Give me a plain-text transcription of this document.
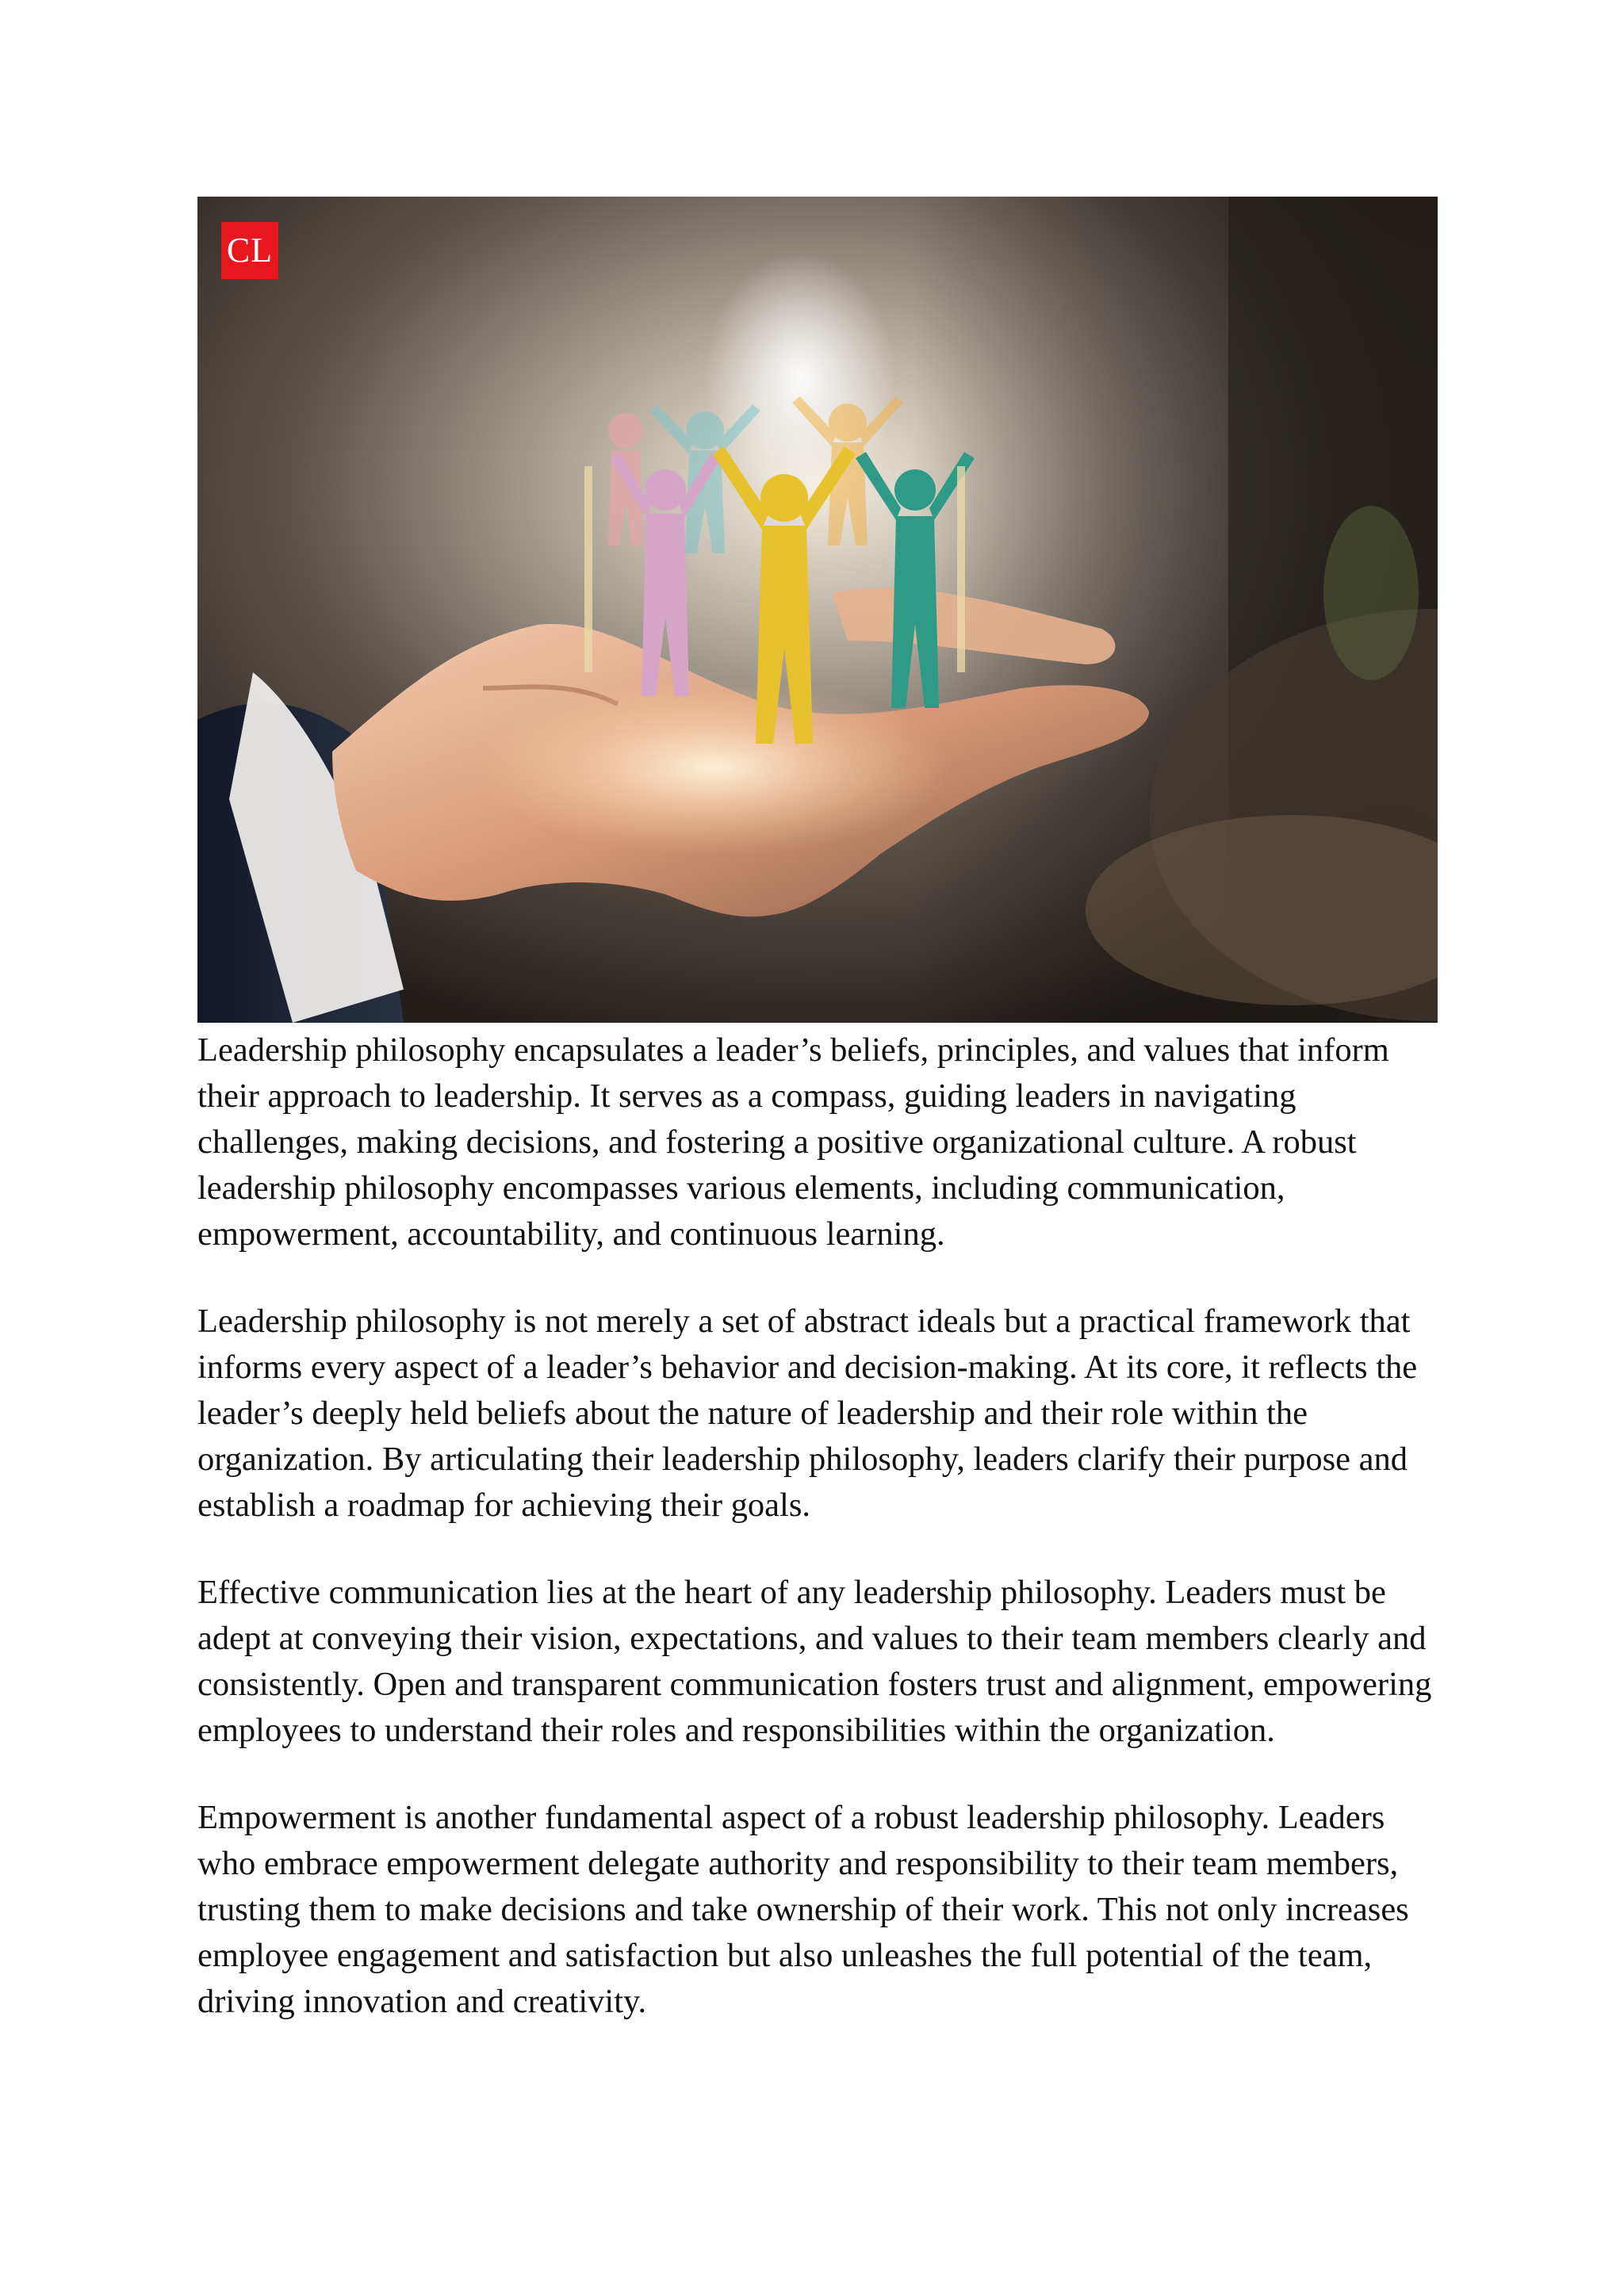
CL

Leadership philosophy encapsulates a leader’s beliefs, principles, and values that inform their approach to leadership. It serves as a compass, guiding leaders in navigating challenges, making decisions, and fostering a positive organizational culture. A robust leadership philosophy encompasses various elements, including communication, empowerment, accountability, and continuous learning.

Leadership philosophy is not merely a set of abstract ideals but a practical framework that informs every aspect of a leader’s behavior and decision-making. At its core, it reflects the leader’s deeply held beliefs about the nature of leadership and their role within the organization. By articulating their leadership philosophy, leaders clarify their purpose and establish a roadmap for achieving their goals.

Effective communication lies at the heart of any leadership philosophy. Leaders must be adept at conveying their vision, expectations, and values to their team members clearly and consistently. Open and transparent communication fosters trust and alignment, empowering employees to understand their roles and responsibilities within the organization.

Empowerment is another fundamental aspect of a robust leadership philosophy. Leaders who embrace empowerment delegate authority and responsibility to their team members, trusting them to make decisions and take ownership of their work. This not only increases employee engagement and satisfaction but also unleashes the full potential of the team, driving innovation and creativity.
